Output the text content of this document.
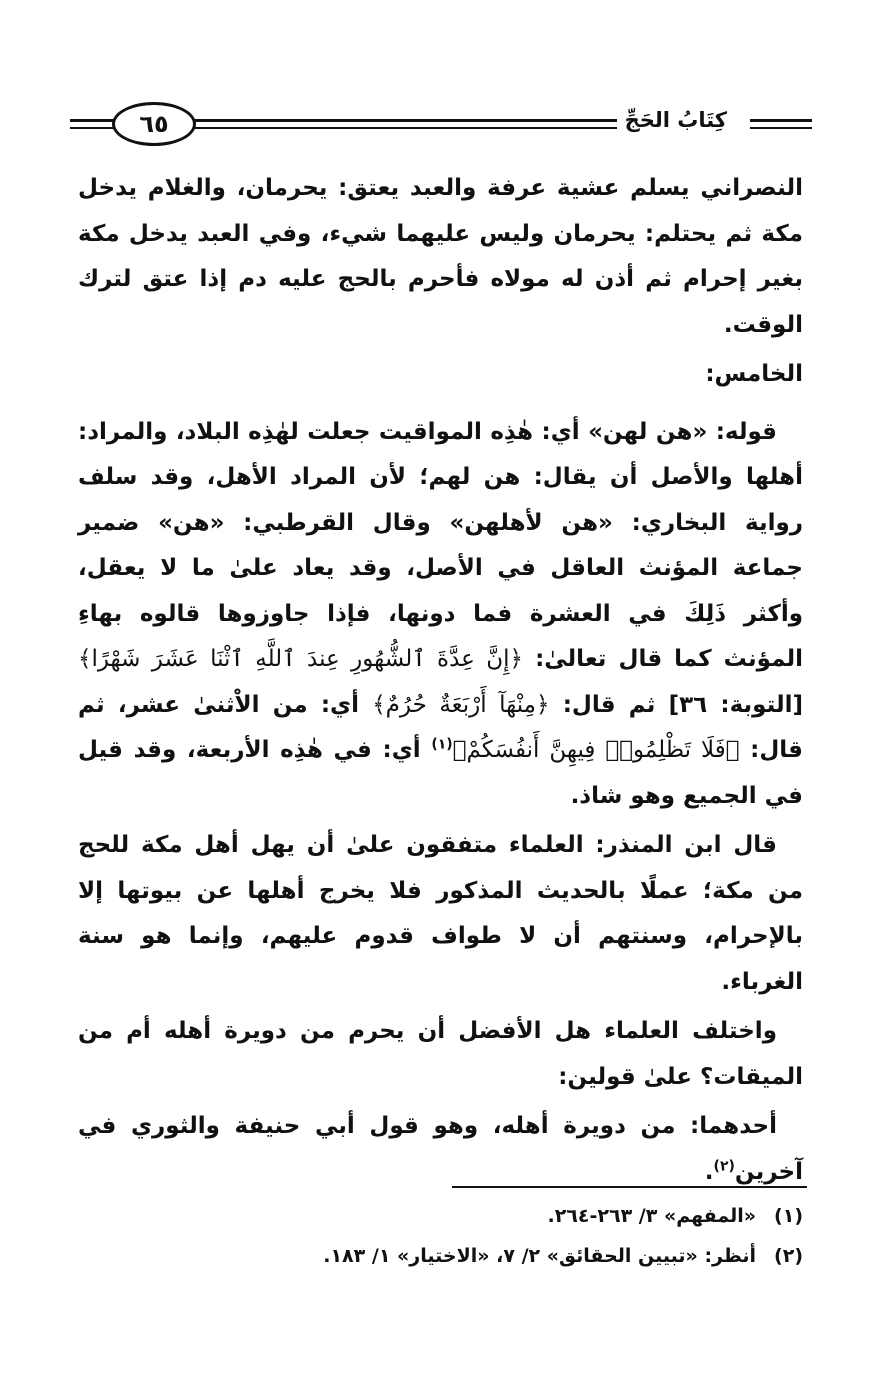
٦٥	كِتَابُ الحَجِّ

النصراني يسلم عشية عرفة والعبد يعتق: يحرمان، والغلام يدخل مكة ثم يحتلم: يحرمان وليس عليهما شيء، وفي العبد يدخل مكة بغير إحرام ثم أذن له مولاه فأحرم بالحج عليه دم إذا عتق لترك الوقت.

الخامس:

قوله: «هن لهن» أي: هٰذِه المواقيت جعلت لهٰذِه البلاد، والمراد: أهلها والأصل أن يقال: هن لهم؛ لأن المراد الأهل، وقد سلف رواية البخاري: «هن لأهلهن» وقال القرطبي: «هن» ضمير جماعة المؤنث العاقل في الأصل، وقد يعاد علىٰ ما لا يعقل، وأكثر ذَلِكَ في العشرة فما دونها، فإذا جاوزوها قالوه بهاءِ المؤنث كما قال تعالىٰ: ﴿إِنَّ عِدَّةَ ٱلشُّهُورِ عِندَ ٱللَّهِ ٱثْنَا عَشَرَ شَهْرًا﴾ [التوبة: ٣٦] ثم قال: ﴿مِنْهَآ أَرْبَعَةٌ حُرُمٌ﴾ أي: من الاْثنىٰ عشر، ثم قال: ﴿فَلَا تَظْلِمُوا۟ فِيهِنَّ أَنفُسَكُمْ﴾$^{(١)}$ أي: في هٰذِه الأربعة، وقد قيل في الجميع وهو شاذ.

قال ابن المنذر: العلماء متفقون علىٰ أن يهل أهل مكة للحج من مكة؛ عملًا بالحديث المذكور فلا يخرج أهلها عن بيوتها إلا بالإحرام، وسنتهم أن لا طواف قدوم عليهم، وإنما هو سنة الغرباء.

واختلف العلماء هل الأفضل أن يحرم من دويرة أهله أم من الميقات؟ علىٰ قولين:

أحدهما: من دويرة أهله، وهو قول أبي حنيفة والثوري في آخرين$^{(٢)}$.

(١)
«المفهم» ٣/ ٢٦٣-٢٦٤.
(٢)
أنظر: «تبيين الحقائق» ٢/ ٧، «الاختيار» ١/ ١٨٣.
